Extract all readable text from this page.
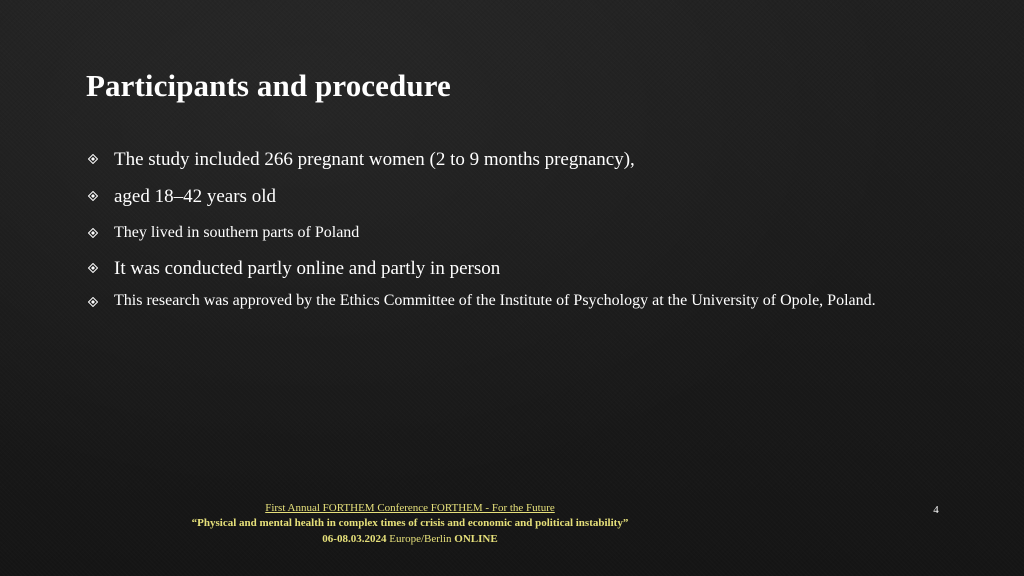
Participants and procedure
The study included 266 pregnant women (2 to 9 months pregnancy),
aged 18–42 years old
They lived in southern parts of Poland
It was conducted partly online and partly in person
This research was approved by the Ethics Committee of the Institute of Psychology at the University of Opole, Poland.
First Annual FORTHEM Conference FORTHEM - For the Future
“Physical and mental health in complex times of crisis and economic and political instability”
06-08.03.2024 Europe/Berlin ONLINE
4
